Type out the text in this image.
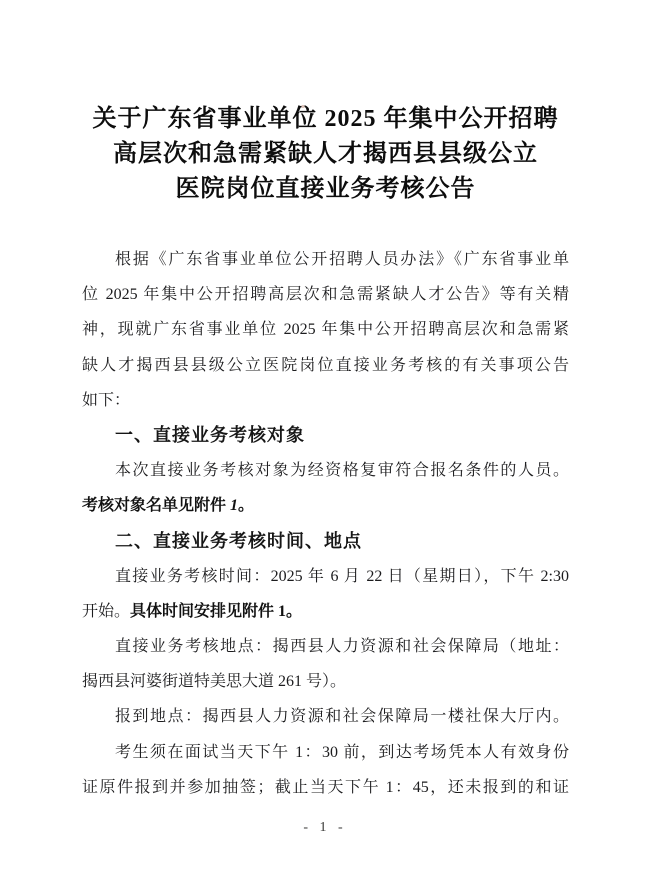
关于广东省事业单位 2025 年集中公开招聘
高层次和急需紧缺人才揭西县县级公立
医院岗位直接业务考核公告
根据《广东省事业单位公开招聘人员办法》《广东省事业单
位 2025 年集中公开招聘高层次和急需紧缺人才公告》等有关精
神，现就广东省事业单位 2025 年集中公开招聘高层次和急需紧
缺人才揭西县县级公立医院岗位直接业务考核的有关事项公告
如下：
一、直接业务考核对象
本次直接业务考核对象为经资格复审符合报名条件的人员。
考核对象名单见附件 1。
二、直接业务考核时间、地点
直接业务考核时间：2025 年 6 月 22 日（星期日），下午 2:30
开始。具体时间安排见附件 1。
直接业务考核地点：揭西县人力资源和社会保障局（地址：
揭西县河婆街道特美思大道 261 号）。
报到地点：揭西县人力资源和社会保障局一楼社保大厅内。
考生须在面试当天下午 1：30 前，到达考场凭本人有效身份
证原件报到并参加抽签；截止当天下午 1：45，还未报到的和证
- 1 -
